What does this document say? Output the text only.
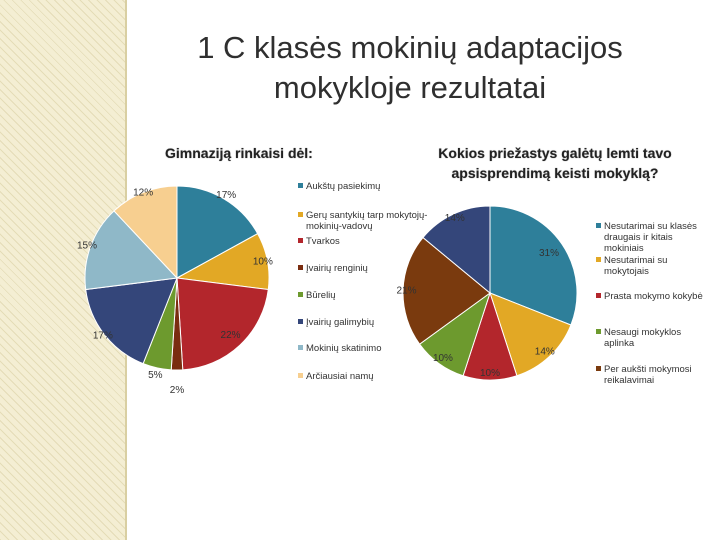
1 C klasės mokinių adaptacijos
mokykloje rezultatai
Gimnaziją rinkaisi dėl:	Kokios priežastys galėtų lemti tavo apsisprendimą keisti mokyklą?
17%
10%
22%
2%
5%
17%
15%
12%
Aukštų pasiekimų
Gerų santykių tarp mokytojų-
mokinių-vadovų
Tvarkos
Įvairių renginių
Būrelių
Įvairių galimybių
Mokinių skatinimo
Arčiausiai namų
31%
14%
10%
10%
21%
14%
Nesutarimai su klasės
draugais ir kitais
mokiniais
Nesutarimai su
mokytojais
Prasta mokymo kokybė
Nesaugi mokyklos
aplinka
Per aukšti mokymosi
reikalavimai
